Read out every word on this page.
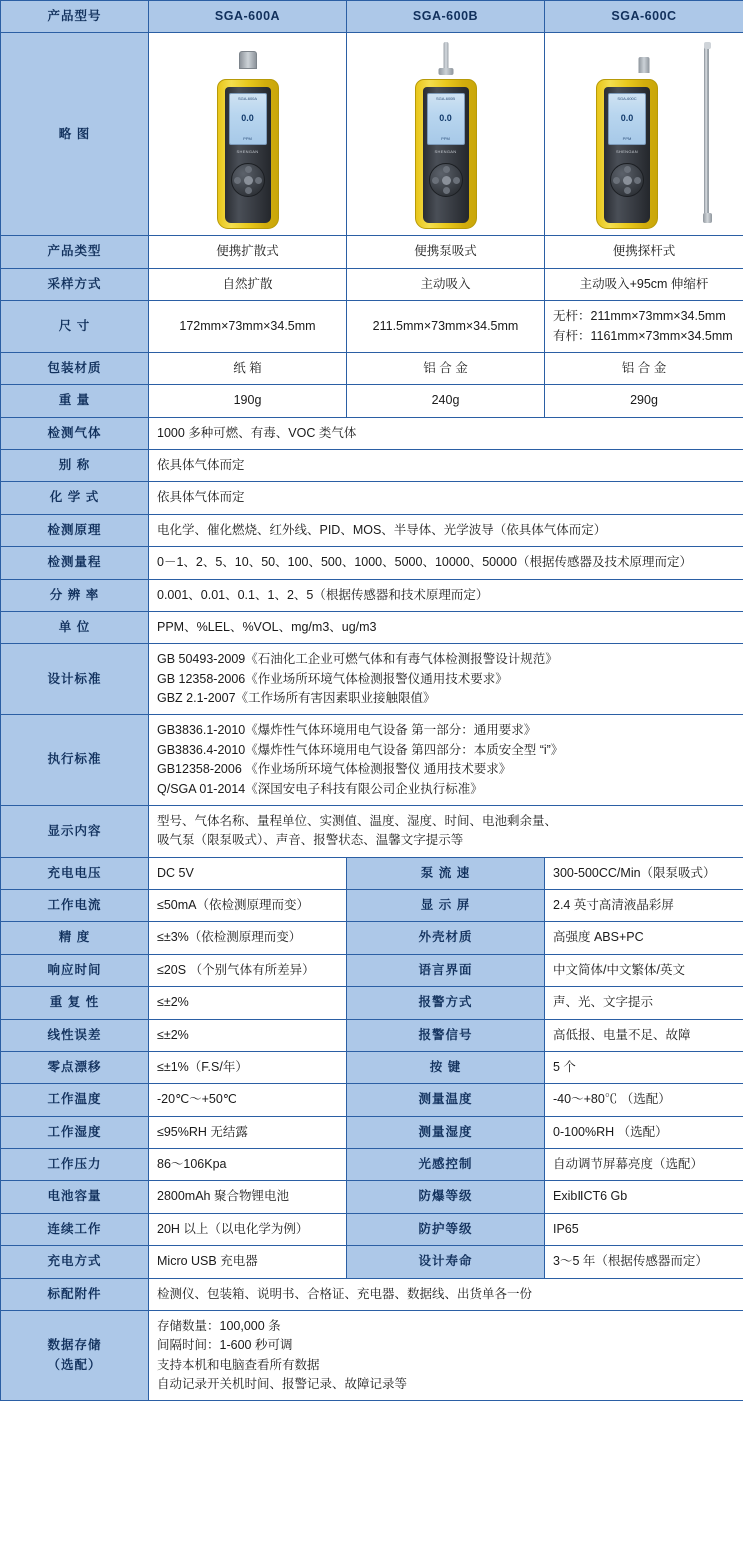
产品型号	SGA-600A	SGA-600B	SGA-600C
略 图	
SGA-600A
0.0
PPM
SHENGAN

SGA-600B
0.0
PPM
SHENGAN

SGA-600C
0.0
PPM
SHENGAN

产品类型	便携扩散式	便携泵吸式	便携探杆式
采样方式	自然扩散	主动吸入	主动吸入+95cm 伸缩杆
尺 寸	172mm×73mm×34.5mm	211.5mm×73mm×34.5mm	无杆：211mm×73mm×34.5mm
有杆：1161mm×73mm×34.5mm

包装材质	纸 箱	铝 合 金	铝 合 金
重 量	190g	240g	290g
检测气体	1000 多种可燃、有毒、VOC 类气体		
别 称	依具体气体而定		
化 学 式	依具体气体而定		
检测原理	电化学、催化燃烧、红外线、PID、MOS、半导体、光学波导（依具体气体而定）		
检测量程	0－1、2、5、10、50、100、500、1000、5000、10000、50000（根据传感器及技术原理而定）		
分 辨 率	0.001、0.01、0.1、1、2、5（根据传感器和技术原理而定）		
单 位	PPM、%LEL、%VOL、mg/m3、ug/m3		
设计标准	GB 50493-2009《石油化工企业可燃气体和有毒气体检测报警设计规范》
GB 12358-2006《作业场所环境气体检测报警仪通用技术要求》
GBZ 2.1-2007《工作场所有害因素职业接触限值》		

执行标准	GB3836.1-2010《爆炸性气体环境用电气设备 第一部分：通用要求》
GB3836.4-2010《爆炸性气体环境用电气设备 第四部分：本质安全型 “i”》
GB12358-2006 《作业场所环境气体检测报警仪 通用技术要求》
Q/SGA 01-2014《深国安电子科技有限公司企业执行标准》		

显示内容	型号、气体名称、量程单位、实测值、温度、湿度、时间、电池剩余量、
吸气泵（限泵吸式）、声音、报警状态、温馨文字提示等		

充电电压	DC 5V	泵 流 速	300-500CC/Min（限泵吸式）
工作电流	≤50mA（依检测原理而变）	显 示 屏	2.4 英寸高清液晶彩屏
精 度	≤±3%（依检测原理而变）	外壳材质	高强度 ABS+PC
响应时间	≤20S （个别气体有所差异）	语言界面	中文简体/中文繁体/英文
重 复 性	≤±2%	报警方式	声、光、文字提示
线性误差	≤±2%	报警信号	高低报、电量不足、故障
零点漂移	≤±1%（F.S/年）	按 键	5 个
工作温度	-20℃～+50℃	测量温度	-40～+80℃ （选配）
工作湿度	≤95%RH 无结露	测量湿度	0-100%RH （选配）
工作压力	86～106Kpa	光感控制	自动调节屏幕亮度（选配）
电池容量	2800mAh 聚合物锂电池	防爆等级	ExibⅡCT6 Gb
连续工作	20H 以上（以电化学为例）	防护等级	IP65
充电方式	Micro USB 充电器	设计寿命	3～5 年（根据传感器而定）
标配附件	检测仪、包装箱、说明书、合格证、充电器、数据线、出货单各一份		

数据存储
（选配）	存储数量：100,000 条
间隔时间：1-600 秒可调
支持本机和电脑查看所有数据
自动记录开关机时间、报警记录、故障记录等		
